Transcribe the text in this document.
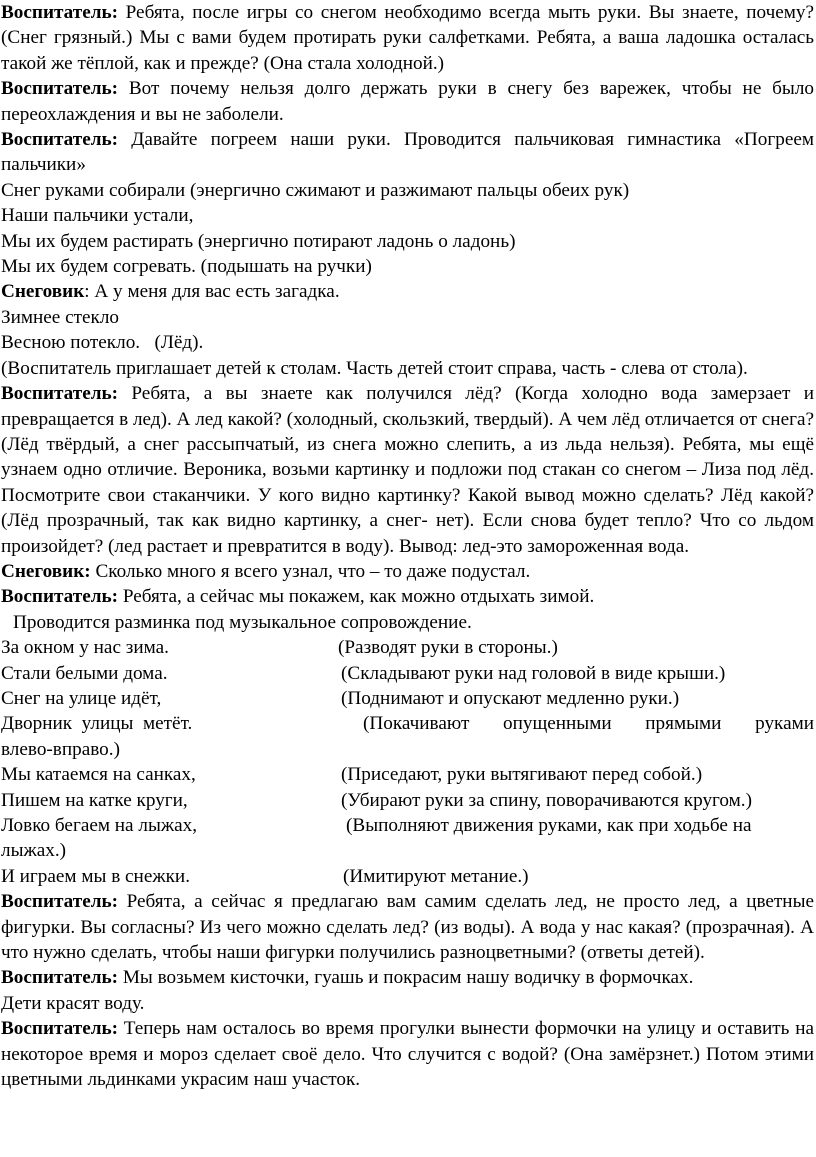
Воспитатель: Ребята, после игры со снегом необходимо всегда мыть руки. Вы знаете, почему? (Снег грязный.) Мы с вами будем протирать руки салфетками. Ребята, а ваша ладошка осталась такой же тёплой, как и прежде? (Она стала холодной.)

Воспитатель: Вот почему нельзя долго держать руки в снегу без варежек, чтобы не было переохлаждения и вы не заболели.

Воспитатель: Давайте погреем наши руки. Проводится пальчиковая гимнастика «Погреем пальчики»

Снег руками собирали (энергично сжимают и разжимают пальцы обеих рук)

Наши пальчики устали,

Мы их будем растирать (энергично потирают ладонь о ладонь)

Мы их будем согревать. (подышать на ручки)

Снеговик: А у меня для вас есть загадка.

Зимнее стекло

Весною потекло.   (Лёд).

(Воспитатель приглашает детей к столам. Часть детей стоит справа, часть - слева от стола).

Воспитатель: Ребята, а вы знаете как получился лёд? (Когда холодно вода замерзает и превращается в лед). А лед какой? (холодный, скользкий, твердый). А чем лёд отличается от снега? (Лёд твёрдый, а снег рассыпчатый, из снега можно слепить, а из льда нельзя). Ребята, мы ещё узнаем одно отличие. Вероника, возьми картинку и подложи под стакан со снегом – Лиза под лёд. Посмотрите свои стаканчики. У кого видно картинку? Какой вывод можно сделать? Лёд какой? (Лёд прозрачный, так как видно картинку, а снег- нет). Если снова будет тепло? Что со льдом произойдет? (лед растает и превратится в воду). Вывод: лед-это замороженная вода.

Снеговик: Сколько много я всего узнал, что – то даже подустал.

Воспитатель: Ребята, а сейчас мы покажем, как можно отдыхать зимой.

Проводится разминка под музыкальное сопровождение.

За окном у нас зима.	(Разводят руки в стороны.)
Стали белыми дома.	(Складывают руки над головой в виде крыши.)
Снег на улице идёт,	(Поднимают и опускают медленно руки.)
Дворник  улицы  метёт.	(Покачивают  опущенными  прямыми  руками

влево-вправо.)

Мы катаемся на санках,	(Приседают, руки вытягивают перед собой.)
Пишем на катке круги,	(Убирают руки за спину, поворачиваются кругом.)
Ловко бегаем на лыжах,	(Выполняют движения руками, как при ходьбе на

лыжах.)

И играем мы в снежки.	(Имитируют метание.)

Воспитатель: Ребята, а сейчас я предлагаю вам самим сделать лед, не просто лед, а цветные фигурки. Вы согласны? Из чего можно сделать лед? (из воды). А вода у нас какая? (прозрачная). А что нужно сделать, чтобы наши фигурки получились разноцветными? (ответы детей).

Воспитатель: Мы возьмем кисточки, гуашь и покрасим нашу водичку в формочках.

Дети красят воду.

Воспитатель: Теперь нам осталось во время прогулки вынести формочки на улицу и оставить на некоторое время и мороз сделает своё дело. Что случится с водой? (Она замёрзнет.) Потом этими цветными льдинками украсим наш участок.
